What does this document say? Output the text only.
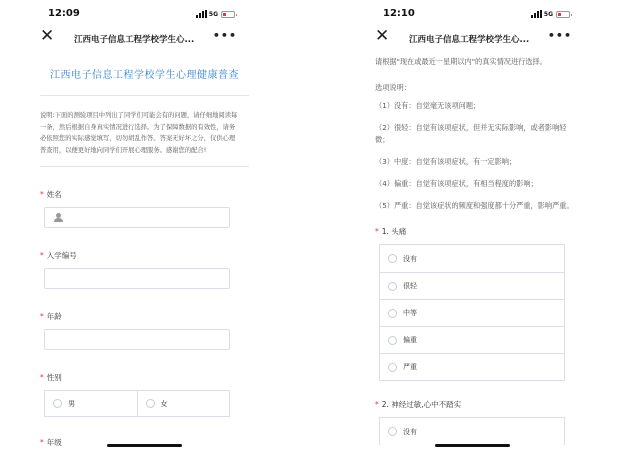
12:09	5G
✕ 江西电子信息工程学校学生心...	•••
江西电子信息工程学校学生心理健康普查
说明:下面的测验项目中列出了同学们可能会有的问题，请仔细地阅读每一条，然后根据自身真实情况进行选择。为了保障数据的有效性，请务必依照您的实际感觉填写，切勿胡乱作答。答案无好坏之分，仅供心理普查用，以便更好地向同学们开展心理服务。感谢您的配合!
* 姓名
* 入学编号
* 年龄
* 性别
男	女
* 年级
12:10	5G
✕ 江西电子信息工程学校学生心...	•••
请根据"现在或最近一星期以内"的真实情况进行选择。
选项说明：
（1）没有：自觉毫无该项问题；
（2）很轻：自觉有该项症状，但并无实际影响，或者影响轻微；
（3）中度：自觉有该项症状，有一定影响；
（4）偏重：自觉有该项症状，有相当程度的影响；
（5）严重：自觉该症状的频度和强度都十分严重，影响严重。
* 1. 头痛
没有
很轻
中等
偏重
严重
* 2. 神经过敏,心中不踏实
没有
